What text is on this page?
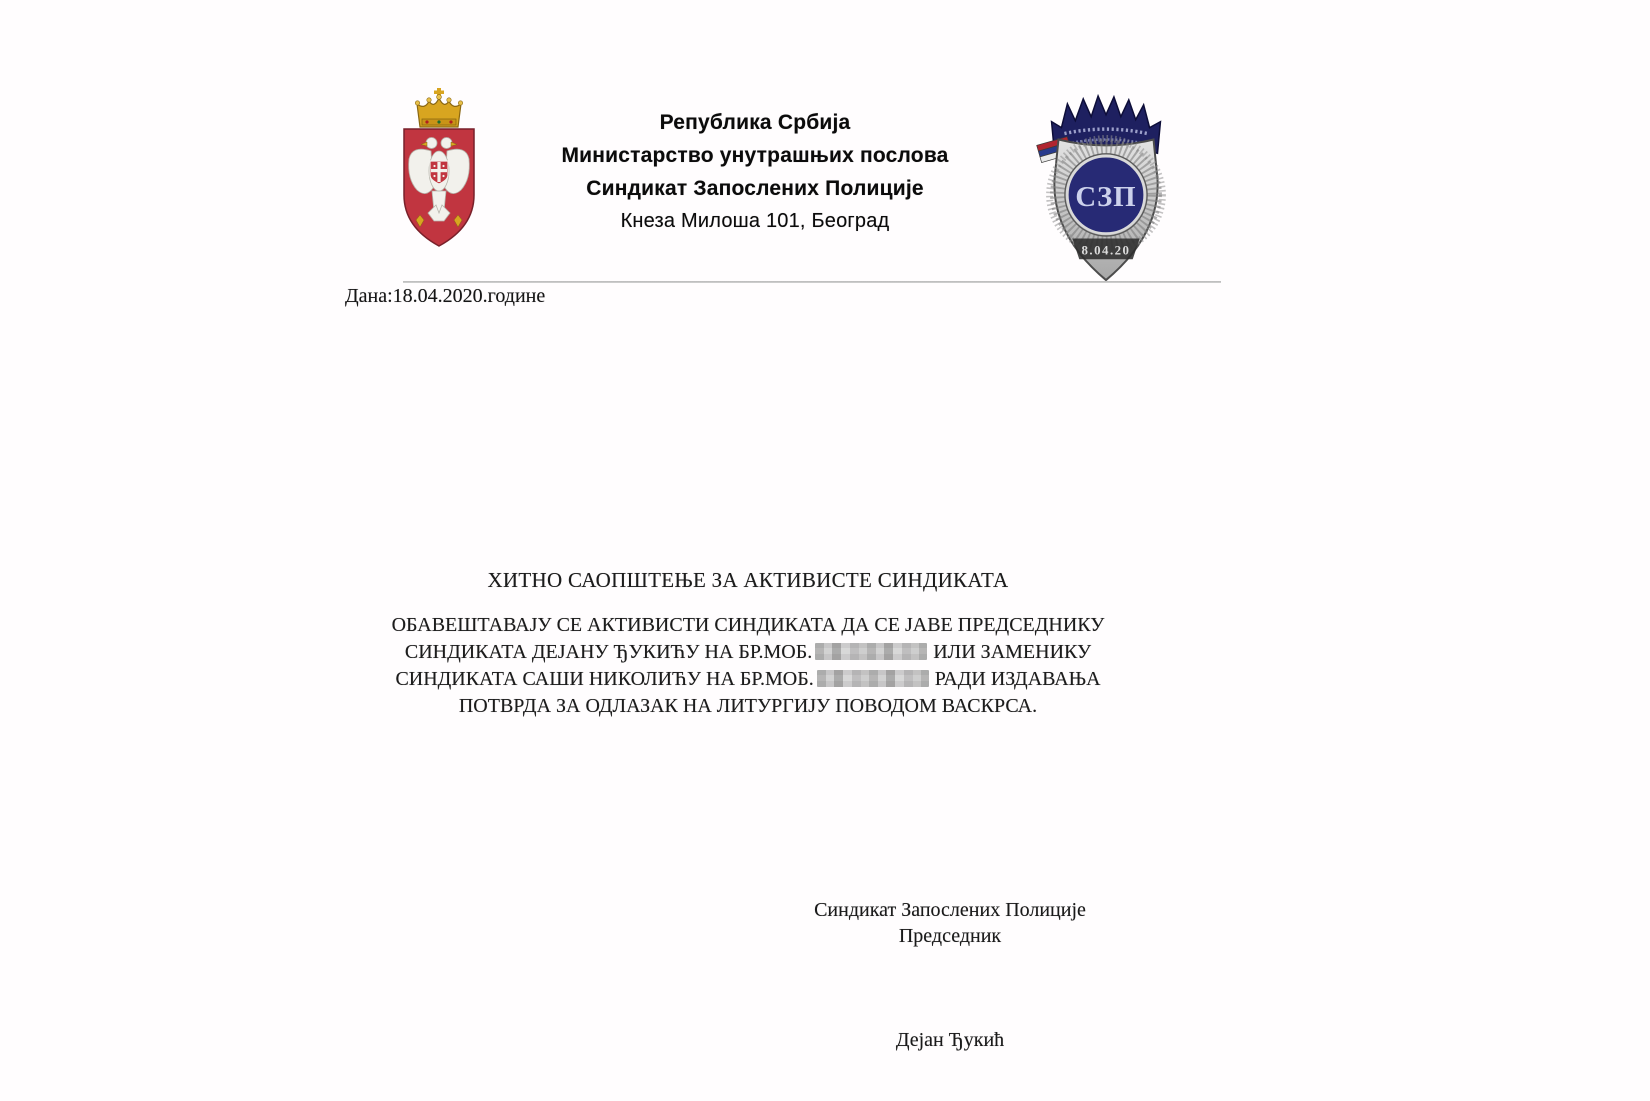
Република Србија
Министарство унутрашњих послова
Синдикат Запослених Полиције
Кнеза Милоша 101, Београд
СЗП
8.04.20
Дана:18.04.2020.године
ХИТНО САОПШТЕЊЕ ЗА АКТИВИСТЕ СИНДИКАТА
ОБАВЕШТАВАЈУ СЕ АКТИВИСТИ СИНДИКАТА ДА СЕ ЈАВЕ ПРЕДСЕДНИКУ
СИНДИКАТА ДЕЈАНУ ЂУКИЋУ НА БР.МОБ.	ИЛИ ЗАМЕНИКУ
СИНДИКАТА САШИ НИКОЛИЋУ НА БР.МОБ.	РАДИ ИЗДАВАЊА
ПОТВРДА ЗА ОДЛАЗАК НА ЛИТУРГИЈУ ПОВОДОМ ВАСКРСА.
Синдикат Запослених Полиције
Председник
Дејан Ђукић
